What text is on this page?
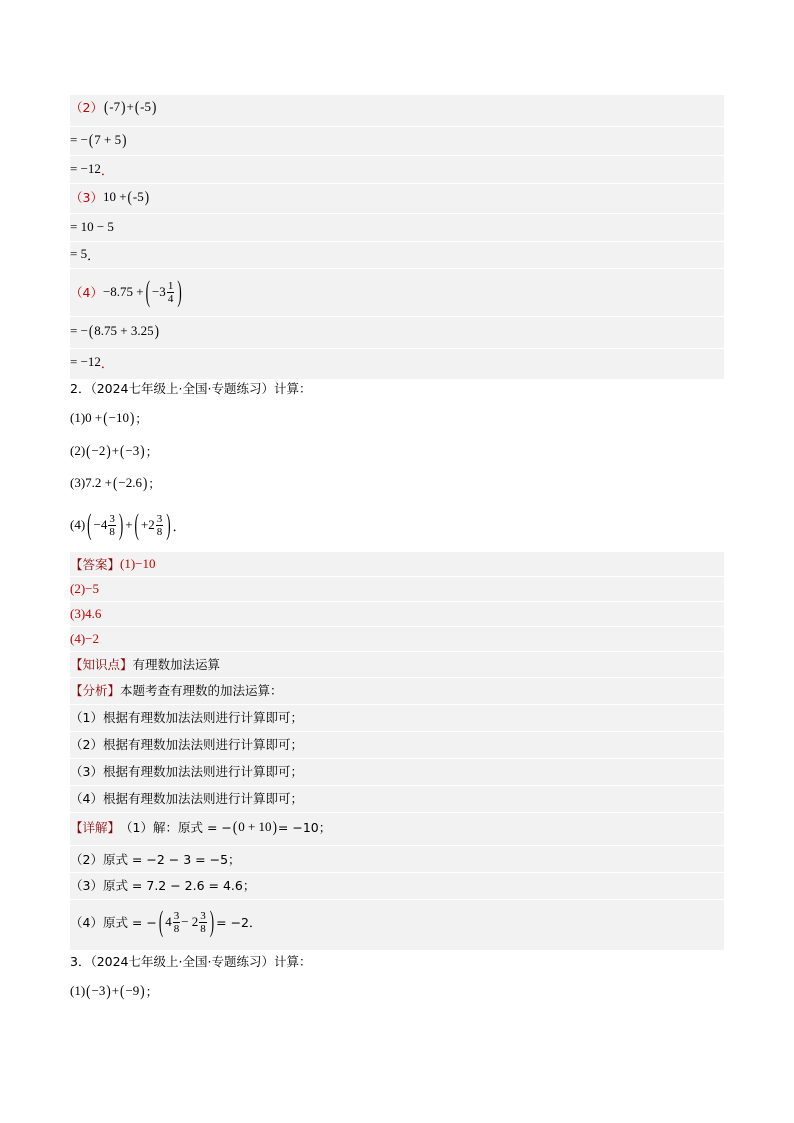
（2） (-7)+(-5)
= − ( 7 + 5 )
= −12 ．
（3） 10 +(-5)
= 10 − 5
= 5 ．
（4） −8.75 + ( $-3 \frac{1}{4}$ )
= − ( 8.75 + 3.25 )
= −12 ．
2．（2024七年级上·全国·专题练习）计算：
(1) 0 + ( −10 ) ；
(2) ( −2 ) + ( −3 ) ；
(3) 7.2 + ( −2.6 ) ；
(4) ( $-4 \frac{3}{8}$ ) + ( $+2 \frac{3}{8}$ ) ．
【答案】 (1)−10
(2)−5
(3)4.6
(4)−2
【知识点】 有理数加法运算
【分析】 本题考查有理数的加法运算：
（1）根据有理数加法法则进行计算即可；
（2）根据有理数加法法则进行计算即可；
（3）根据有理数加法法则进行计算即可；
（4）根据有理数加法法则进行计算即可；
【详解】 （1）解：原式 = − (0 + 10) = −10；
（2）原式 = −2 − 3 = −5；
（3）原式 = 7.2 − 2.6 = 4.6；
（4）原式 = − ( $4 \frac{3}{8} - 2 \frac{3}{8}$ ) = −2．
3．（2024七年级上·全国·专题练习）计算：
(1) ( −3 ) + ( −9 ) ；
